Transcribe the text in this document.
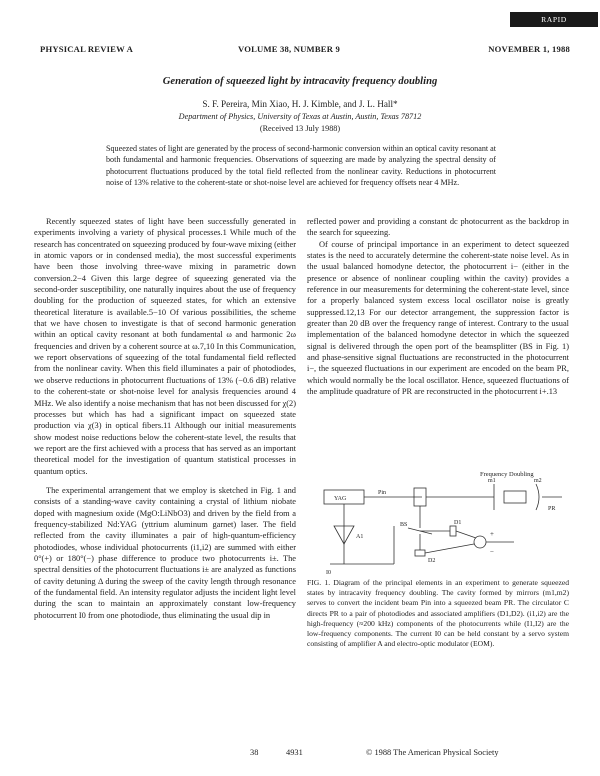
RAPID COMMUNICATIONS
PHYSICAL REVIEW A	VOLUME 38, NUMBER 9	NOVEMBER 1, 1988
Generation of squeezed light by intracavity frequency doubling
S. F. Pereira, Min Xiao, H. J. Kimble, and J. L. Hall*
Department of Physics, University of Texas at Austin, Austin, Texas 78712
(Received 13 July 1988)
Squeezed states of light are generated by the process of second-harmonic conversion within an optical cavity resonant at both fundamental and harmonic frequencies. Observations of squeezing are made by analyzing the spectral density of photocurrent fluctuations produced by the total field reflected from the nonlinear cavity. Reductions in photocurrent noise of 13% relative to the coherent-state or shot-noise level are achieved for frequency offsets near 4 MHz.

Recently squeezed states of light have been successfully generated in experiments involving a variety of physical processes.1 While much of the research has concentrated on squeezing produced by four-wave mixing (either in atomic vapors or in condensed media), the most successful experiments have been those involving three-wave mixing in parametric down conversion.2−4 Given this large degree of squeezing generated via the second-order susceptibility, one naturally inquires about the use of frequency doubling for the production of squeezed states, for which an extensive theoretical literature is available.5−10 Of various possibilities, the scheme that we have chosen to investigate is that of second harmonic generation within an optical cavity resonant at both fundamental ω and harmonic 2ω frequencies and driven by a coherent source at ω.7,10 In this Communication, we report observations of squeezing of the total fundamental field reflected from the nonlinear cavity. When this field illuminates a pair of photodiodes, we observe reductions in photocurrent fluctuations of 13% (−0.6 dB) relative to the coherent-state or shot-noise level for analysis frequencies around 4 MHz. We also identify a noise mechanism that has not been discussed for χ(2) processes but which has had a significant impact on squeezed state production via χ(3) in optical fibers.11 Although our initial measurements show modest noise reductions below the coherent-state level, the results that we report are the first achieved with a process that has served as an important theoretical model for the investigation of quantum statistical processes in quantum optics.

The experimental arrangement that we employ is sketched in Fig. 1 and consists of a standing-wave cavity containing a crystal of lithium niobate doped with magnesium oxide (MgO:LiNbO3) and driven by the field from a frequency-stabilized Nd:YAG (yttrium aluminum garnet) laser. The field reflected from the cavity illuminates a pair of high-quantum-efficiency photodiodes, whose individual photocurrents (i1,i2) are summed with either 0°(+) or 180°(−) phase difference to produce two photocurrents i±. The spectral densities of the photocurrent fluctuations i± are analyzed as functions of cavity detuning Δ during the sweep of the cavity length through resonance of the fundamental field. An intensity regulator adjusts the incident light level during the scan to maintain an approximately constant low-frequency photocurrent I0 from one photodiode, thus eliminating the usual dip in

reflected power and providing a constant dc photocurrent as the backdrop in the search for squeezing.

Of course of principal importance in an experiment to detect squeezed states is the need to accurately determine the coherent-state noise level. As in the usual balanced homodyne detector, the photocurrent i− (either in the presence or absence of nonlinear coupling within the cavity) provides a reference in our measurements for determining the coherent-state level, since for a properly balanced system excess local oscillator noise is greatly suppressed.12,13 For our detector arrangement, the suppression factor is greater than 20 dB over the frequency range of interest. Contrary to the usual implementation of the balanced homodyne detector in which the squeezed signal is delivered through the open port of the beamsplitter (BS in Fig. 1) and phase-sensitive signal fluctuations are reconstructed in the photocurrent i−, the squeezed fluctuations in our experiment are encoded on the beam PR, which would normally be the local oscillator. Hence, squeezed fluctuations of the amplitude quadrature of PR are reconstructed in the photocurrent i+.13

Frequency Doubling
YAG
m1	m2
PR
Pin
BS	D1
D2
+
−
A1
I0
FIG. 1. Diagram of the principal elements in an experiment to generate squeezed states by intracavity frequency doubling. The cavity formed by mirrors (m1,m2) serves to convert the incident beam Pin into a squeezed beam PR. The circulator C directs PR to a pair of photodiodes and associated amplifiers (D1,D2). (i1,i2) are the high-frequency (≈200 kHz) components of the photocurrents while (I1,I2) are the low-frequency components. The current I0 can be held constant by a servo system consisting of amplifier A and electro-optic modulator (EOM).
38	4931	© 1988 The American Physical Society
